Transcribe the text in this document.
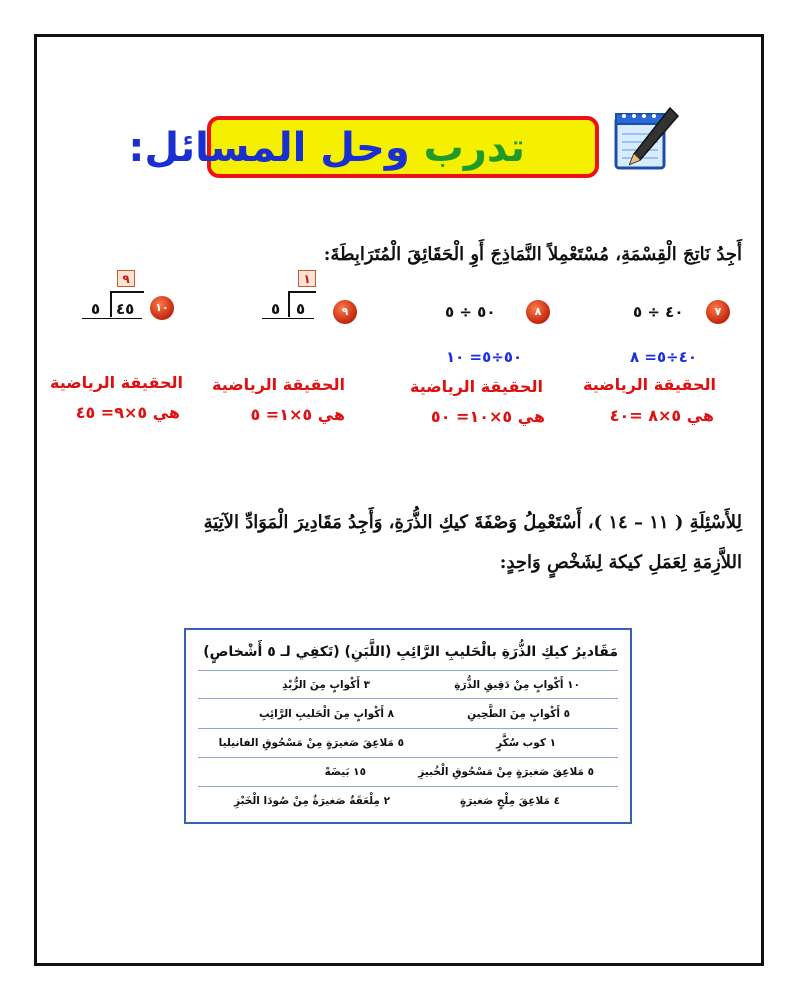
تدرب وحل المسائل:
أَجِدُ نَاتِجَ الْقِسْمَةِ، مُسْتَعْمِلاً النَّمَاذِجَ أَوِ الْحَقَائِقَ الْمُتَرَابِطَةَ:
٧
٤٠ ÷ ٥
٤٠÷٥= ٨
الحقيقة الرياضية
هي ٥×٨ =٤٠
٨
٥٠ ÷ ٥
٥٠÷٥= ١٠
الحقيقة الرياضية
هي ٥×١٠= ٥٠
٩
١
٥
٥
الحقيقة الرياضية
هي ٥×١= ٥
١٠
٩
٤٥
٥
الحقيقة الرياضية
هي ٥×٩= ٤٥
لِلأَسْئِلَةِ ( ١١ – ١٤ )، أَسْتَعْمِلُ وَصْفَةَ كيكِ الذُّرَةِ، وَأَجِدُ مَقَادِيرَ الْمَوَادِّ الآتِيَةِ
اللاَّزِمَةِ لِعَمَلِ كيكة لِشَخْصٍ وَاحِدٍ:
مَقَاديرُ كيكِ الذُّرَةِ بالْحَليبِ الرَّائِبِ (اللَّبَنِ) (تَكفِي لـ ٥ أَشْخاصٍ)
١٠ أَكْوابٍ مِنْ دَقِيقِ الذُّرَةِ
٣ أَكْوابٍ مِنَ الزُّبْدِ
٥ أَكْوابٍ مِنَ الطَّحِينِ
٨ أَكْوابٍ مِنَ الْحَليبِ الرَّائِبِ
١ كوب سُكَّرٍ
٥ مَلاعِقَ صَغيرَةٍ مِنْ مَسْحُوقِ الفانيليا
٥ مَلاعِقَ صَغيرَةٍ مِنْ مَسْحُوقِ الْخُبيزِ
١٥ بَيضَةً
٤ مَلاعِقَ مِلْحٍ صَغيرَةٍ
٢ مِلْعَقَةٌ صَغيرَةٌ مِنْ صُودَا الْخَبْزِ
